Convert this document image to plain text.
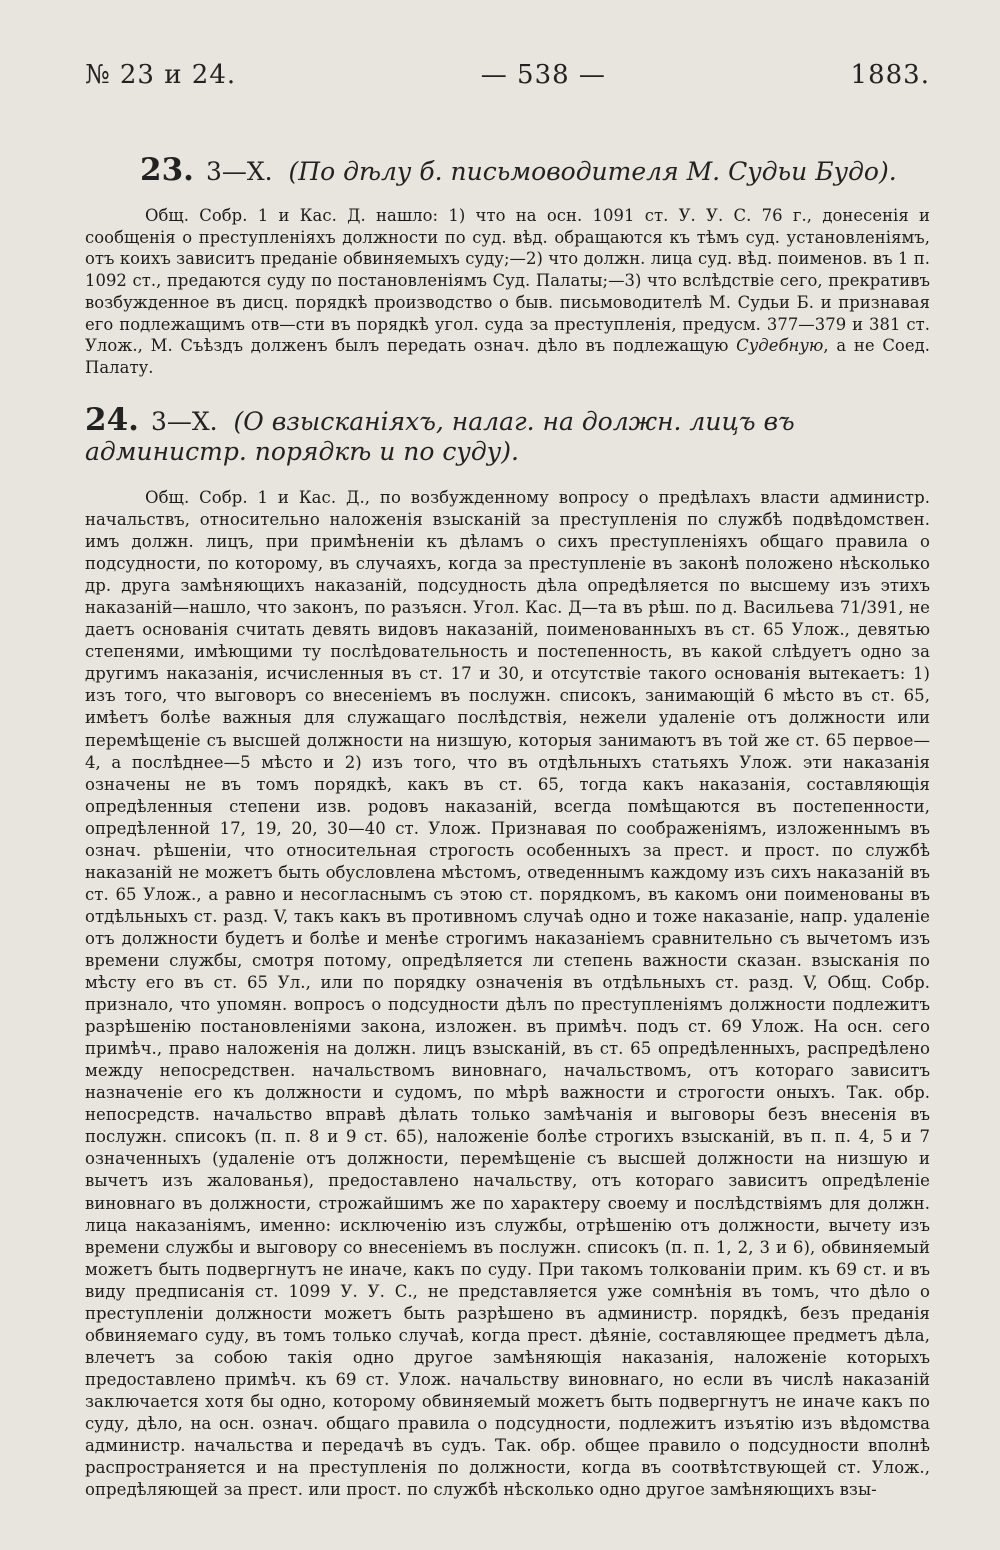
№ 23 и 24.	— 538 —	1883.
23. 3—X. (По дѣлу б. письмоводителя М. Судьи Будо).

Общ. Собр. 1 и Кас. Д. нашло: 1) что на осн. 1091 ст. У. У. С. 76 г., донесенія и сообщенія о преступленіяхъ должности по суд. вѣд. обращаются къ тѣмъ суд. установленіямъ, отъ коихъ зависитъ преданіе обвиняемыхъ суду;—2) что должн. лица суд. вѣд. поименов. въ 1 п. 1092 ст., предаются суду по постановленіямъ Суд. Палаты;—3) что вслѣдствіе сего, прекративъ возбужденное въ дисц. порядкѣ производство о быв. письмоводителѣ М. Судьи Б. и признавая его подлежащимъ отв—сти въ порядкѣ угол. суда за преступленія, предусм. 377—379 и 381 ст. Улож., М. Съѣздъ долженъ былъ передать означ. дѣло въ подлежащую Судебную, а не Соед. Палату.

24. 3—X. (О взысканіяхъ, налаг. на должн. лицъ въ администр. порядкѣ и по суду).

Общ. Собр. 1 и Кас. Д., по возбужденному вопросу о предѣлахъ власти администр. начальствъ, относительно наложенія взысканій за преступленія по службѣ подвѣдомствен. имъ должн. лицъ, при примѣненіи къ дѣламъ о сихъ преступленіяхъ общаго правила о подсудности, по которому, въ случаяхъ, когда за преступленіе въ законѣ положено нѣсколько др. друга замѣняющихъ наказаній, подсудность дѣла опредѣляется по высшему изъ этихъ наказаній—нашло, что законъ, по разъясн. Угол. Кас. Д—та въ рѣш. по д. Васильева 71/391, не даетъ основанія считать девять видовъ наказаній, поименованныхъ въ ст. 65 Улож., девятью степенями, имѣющими ту послѣдовательность и постепенность, въ какой слѣдуетъ одно за другимъ наказанія, исчисленныя въ ст. 17 и 30, и отсутствіе такого основанія вытекаетъ: 1) изъ того, что выговоръ со внесеніемъ въ послужн. списокъ, занимающій 6 мѣсто въ ст. 65, имѣетъ болѣе важныя для служащаго послѣдствія, нежели удаленіе отъ должности или перемѣщеніе съ высшей должности на низшую, которыя занимаютъ въ той же ст. 65 первое—4, а послѣднее—5 мѣсто и 2) изъ того, что въ отдѣльныхъ статьяхъ Улож. эти наказанія означены не въ томъ порядкѣ, какъ въ ст. 65, тогда какъ наказанія, составляющія опредѣленныя степени изв. родовъ наказаній, всегда помѣщаются въ постепенности, опредѣленной 17, 19, 20, 30—40 ст. Улож. Признавая по соображеніямъ, изложеннымъ въ означ. рѣшеніи, что относительная строгость особенныхъ за прест. и прост. по службѣ наказаній не можетъ быть обусловлена мѣстомъ, отведеннымъ каждому изъ сихъ наказаній въ ст. 65 Улож., а равно и несогласнымъ съ этою ст. порядкомъ, въ какомъ они поименованы въ отдѣльныхъ ст. разд. V, такъ какъ въ противномъ случаѣ одно и тоже наказаніе, напр. удаленіе отъ должности будетъ и болѣе и менѣе строгимъ наказаніемъ сравнительно съ вычетомъ изъ времени службы, смотря потому, опредѣляется ли степень важности сказан. взысканія по мѣсту его въ ст. 65 Ул., или по порядку означенія въ отдѣльныхъ ст. разд. V, Общ. Собр. признало, что упомян. вопросъ о подсудности дѣлъ по преступленіямъ должности подлежитъ разрѣшенію постановленіями закона, изложен. въ примѣч. подъ ст. 69 Улож. На осн. сего примѣч., право наложенія на должн. лицъ взысканій, въ ст. 65 опредѣленныхъ, распредѣлено между непосредствен. начальствомъ виновнаго, начальствомъ, отъ котораго зависитъ назначеніе его къ должности и судомъ, по мѣрѣ важности и строгости оныхъ. Так. обр. непосредств. начальство вправѣ дѣлать только замѣчанія и выговоры безъ внесенія въ послужн. списокъ (п. п. 8 и 9 ст. 65), наложеніе болѣе строгихъ взысканій, въ п. п. 4, 5 и 7 означенныхъ (удаленіе отъ должности, перемѣщеніе съ высшей должности на низшую и вычетъ изъ жалованья), предоставлено начальству, отъ котораго зависитъ опредѣленіе виновнаго въ должности, строжайшимъ же по характеру своему и послѣдствіямъ для должн. лица наказаніямъ, именно: исключенію изъ службы, отрѣшенію отъ должности, вычету изъ времени службы и выговору со внесеніемъ въ послужн. списокъ (п. п. 1, 2, 3 и 6), обвиняемый можетъ быть подвергнутъ не иначе, какъ по суду. При такомъ толкованіи прим. къ 69 ст. и въ виду предписанія ст. 1099 У. У. С., не представляется уже сомнѣнія въ томъ, что дѣло о преступленіи должности можетъ быть разрѣшено въ администр. порядкѣ, безъ преданія обвиняемаго суду, въ томъ только случаѣ, когда прест. дѣяніе, составляющее предметъ дѣла, влечетъ за собою такія одно другое замѣняющія наказанія, наложеніе которыхъ предоставлено примѣч. къ 69 ст. Улож. начальству виновнаго, но если въ числѣ наказаній заключается хотя бы одно, которому обвиняемый можетъ быть подвергнутъ не иначе какъ по суду, дѣло, на осн. означ. общаго правила о подсудности, подлежитъ изъятію изъ вѣдомства администр. начальства и передачѣ въ судъ. Так. обр. общее правило о подсудности вполнѣ распространяется и на преступленія по должности, когда въ соотвѣтствующей ст. Улож., опредѣляющей за прест. или прост. по службѣ нѣсколько одно другое замѣняющихъ взы-
